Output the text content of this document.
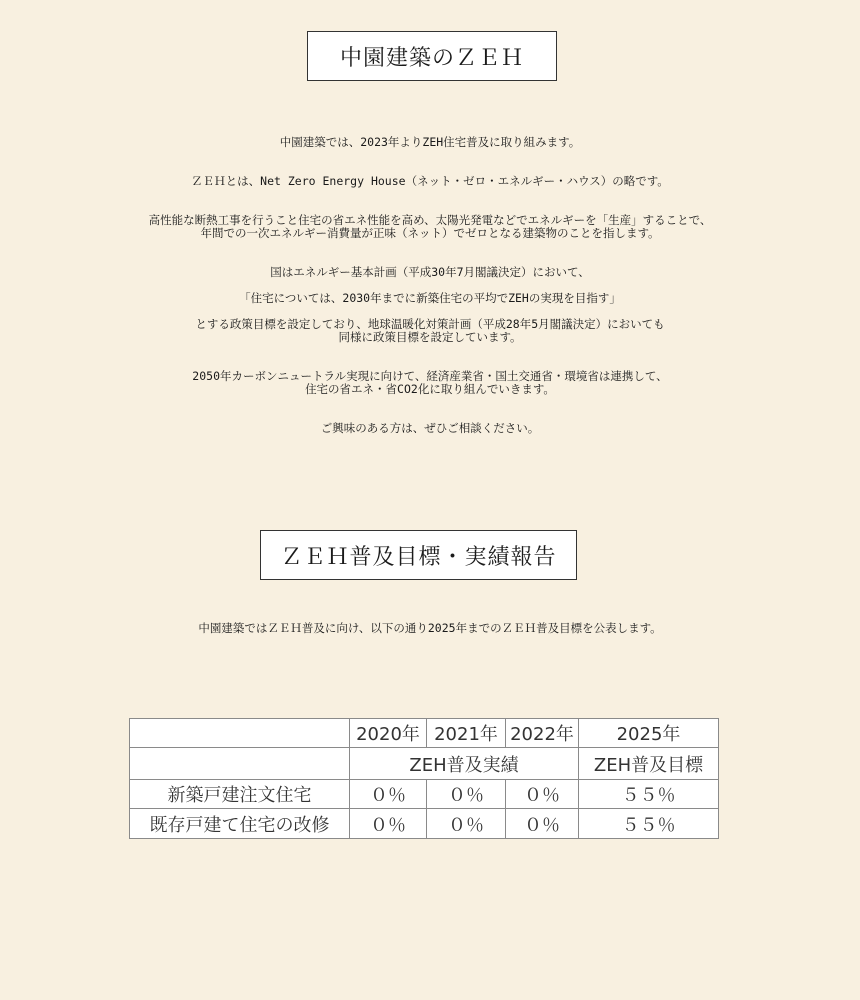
中園建築のＺＥＨ
中園建築では、2023年よりZEH住宅普及に取り組みます。
ＺＥＨとは、Net Zero Energy House（ネット・ゼロ・エネルギー・ハウス）の略です。
高性能な断熱工事を行うこと住宅の省エネ性能を高め、太陽光発電などでエネルギーを「生産」することで、
年間での一次エネルギー消費量が正味（ネット）でゼロとなる建築物のことを指します。
国はエネルギー基本計画（平成30年7月閣議決定）において、
「住宅については、2030年までに新築住宅の平均でZEHの実現を目指す」
とする政策目標を設定しており、地球温暖化対策計画（平成28年5月閣議決定）においても
同様に政策目標を設定しています。
2050年カーボンニュートラル実現に向けて、経済産業省・国土交通省・環境省は連携して、
住宅の省エネ・省CO2化に取り組んでいきます。
ご興味のある方は、ぜひご相談ください。
ＺＥＨ普及目標・実績報告
中園建築ではＺＥＨ普及に向け、以下の通り2025年までのＺＥＨ普及目標を公表します。
	2020年	2021年	2022年	2025年
	ZEH普及実績			ZEH普及目標
新築戸建注文住宅	０％	０％	０％	５５％
既存戸建て住宅の改修	０％	０％	０％	５５％
